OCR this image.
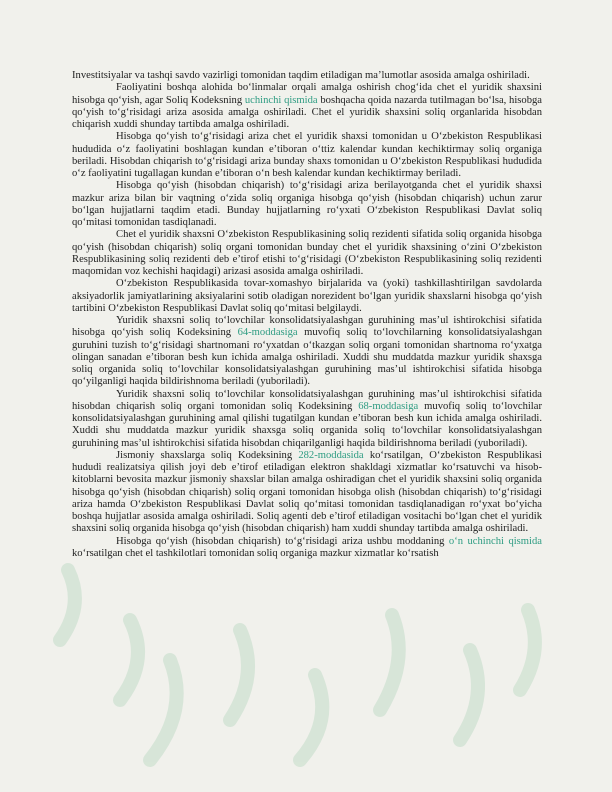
Investitsiyalar va tashqi savdo vazirligi tomonidan taqdim etiladigan ma’lumotlar asosida amalga oshiriladi.

Faoliyatini boshqa alohida bo‘linmalar orqali amalga oshirish chog‘ida chet el yuridik shaxsini hisobga qo‘yish, agar Soliq Kodeksning uchinchi qismida boshqacha qoida nazarda tutilmagan bo‘lsa, hisobga qo‘yish to‘g‘risidagi ariza asosida amalga oshiriladi. Chet el yuridik shaxsini soliq organlarida hisobdan chiqarish xuddi shunday tartibda amalga oshiriladi.

Hisobga qo‘yish to‘g‘risidagi ariza chet el yuridik shaxsi tomonidan u O‘zbekiston Respublikasi hududida o‘z faoliyatini boshlagan kundan e’tiboran o‘ttiz kalendar kundan kechiktirmay soliq organiga beriladi. Hisobdan chiqarish to‘g‘risidagi ariza bunday shaxs tomonidan u O‘zbekiston Respublikasi hududida o‘z faoliyatini tugallagan kundan e’tiboran o‘n besh kalendar kundan kechiktirmay beriladi.

Hisobga qo‘yish (hisobdan chiqarish) to‘g‘risidagi ariza berilayotganda chet el yuridik shaxsi mazkur ariza bilan bir vaqtning o‘zida soliq organiga hisobga qo‘yish (hisobdan chiqarish) uchun zarur bo‘lgan hujjatlarni taqdim etadi. Bunday hujjatlarning ro‘yxati O‘zbekiston Respublikasi Davlat soliq qo‘mitasi tomonidan tasdiqlanadi.

Chet el yuridik shaxsni O‘zbekiston Respublikasining soliq rezidenti sifatida soliq organida hisobga qo‘yish (hisobdan chiqarish) soliq organi tomonidan bunday chet el yuridik shaxsining o‘zini O‘zbekiston Respublikasining soliq rezidenti deb e’tirof etishi to‘g‘risidagi (O‘zbekiston Respublikasining soliq rezidenti maqomidan voz kechishi haqidagi) arizasi asosida amalga oshiriladi.

O‘zbekiston Respublikasida tovar-xomashyo birjalarida va (yoki) tashkillashtirilgan savdolarda aksiyadorlik jamiyatlarining aksiyalarini sotib oladigan norezident bo‘lgan yuridik shaxslarni hisobga qo‘yish tartibini O‘zbekiston Respublikasi Davlat soliq qo‘mitasi belgilaydi.

Yuridik shaxsni soliq to‘lovchilar konsolidatsiyalashgan guruhining mas’ul ishtirokchisi sifatida hisobga qo‘yish soliq Kodeksining 64-moddasiga muvofiq soliq to‘lovchilarning konsolidatsiyalashgan guruhini tuzish to‘g‘risidagi shartnomani ro‘yxatdan o‘tkazgan soliq organi tomonidan shartnoma ro‘yxatga olingan sanadan e’tiboran besh kun ichida amalga oshiriladi. Xuddi shu muddatda mazkur yuridik shaxsga soliq organida soliq to‘lovchilar konsolidatsiyalashgan guruhining mas’ul ishtirokchisi sifatida hisobga qo‘yilganligi haqida bildirishnoma beriladi (yuboriladi).

Yuridik shaxsni soliq to‘lovchilar konsolidatsiyalashgan guruhining mas’ul ishtirokchisi sifatida hisobdan chiqarish soliq organi tomonidan soliq Kodeksining 68-moddasiga muvofiq soliq to‘lovchilar konsolidatsiyalashgan guruhining amal qilishi tugatilgan kundan e’tiboran besh kun ichida amalga oshiriladi. Xuddi shu muddatda mazkur yuridik shaxsga soliq organida soliq to‘lovchilar konsolidatsiyalashgan guruhining mas’ul ishtirokchisi sifatida hisobdan chiqarilganligi haqida bildirishnoma beriladi (yuboriladi).

Jismoniy shaxslarga soliq Kodeksining 282-moddasida ko‘rsatilgan, O‘zbekiston Respublikasi hududi realizatsiya qilish joyi deb e’tirof etiladigan elektron shakldagi xizmatlar ko‘rsatuvchi va hisob-kitoblarni bevosita mazkur jismoniy shaxslar bilan amalga oshiradigan chet el yuridik shaxsini soliq organida hisobga qo‘yish (hisobdan chiqarish) soliq organi tomonidan hisobga olish (hisobdan chiqarish) to‘g‘risidagi ariza hamda O‘zbekiston Respublikasi Davlat soliq qo‘mitasi tomonidan tasdiqlanadigan ro‘yxat bo‘yicha boshqa hujjatlar asosida amalga oshiriladi. Soliq agenti deb e’tirof etiladigan vositachi bo‘lgan chet el yuridik shaxsini soliq organida hisobga qo‘yish (hisobdan chiqarish) ham xuddi shunday tartibda amalga oshiriladi.

Hisobga qo‘yish (hisobdan chiqarish) to‘g‘risidagi ariza ushbu moddaning o‘n uchinchi qismida ko‘rsatilgan chet el tashkilotlari tomonidan soliq organiga mazkur xizmatlar ko‘rsatish
